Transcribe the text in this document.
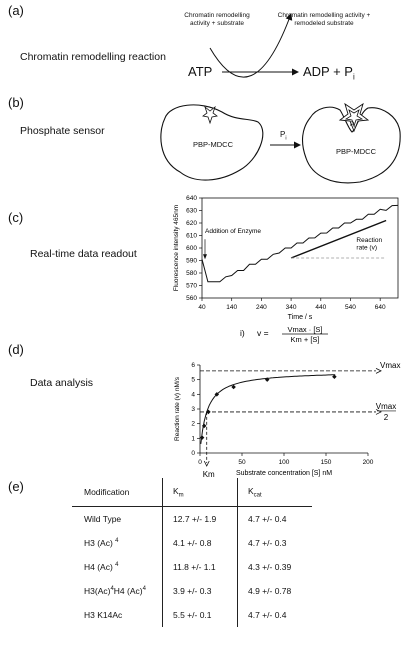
(a)
Chromatin remodelling reaction
Chromatin remodelling activity + substrate
Chromatin remodelling activity + remodeled substrate
ATP	ADP + $P_i$
(b)
Phosphate sensor
PBP-MDCC
$P_i$
$P_i$
PBP-MDCC
(c)
Real-time data readout
40	140	240	340	440	540	640
560
570
580
590
600
610
620
630
640
Time / s
Fluorescence intensity 465nm	Addition of Enzyme
Reaction
rate (v)
(d)
Data analysis
i) v =	Vmax · [S]
Km + [S]
0	50	100	150	200
0
1
2
3
4
5
6
Substrate concentration [S] nM
Reaction rate (v) nM/s
Vmax
Vmax
2
Km
(e)	Modification	$K_m$	$K_{cat}$
Wild Type	12.7 +/- 1.9	4.7 +/- 0.4
H3 (Ac) $^4$	4.1 +/- 0.8	4.7 +/- 0.3
H4 (Ac) $^4$	11.8 +/- 1.1	4.3 +/- 0.39
$H3(Ac)^4H4$ $(Ac)^4$	3.9 +/- 0.3	4.9 +/- 0.78
H3 K14Ac	5.5 +/- 0.1	4.7 +/- 0.4
